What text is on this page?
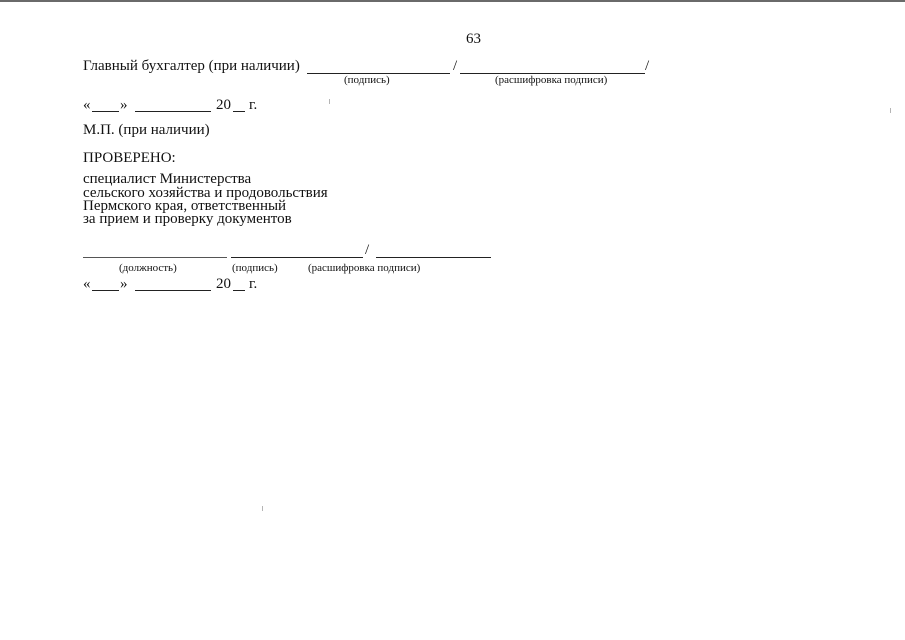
63
Главный бухгалтер (при наличии)	/	/
(подпись)	(расшифровка подписи)
« »	20 г.
М.П. (при наличии)
ПРОВЕРЕНО:
специалист Министерства
сельского хозяйства и продовольствия
Пермского края, ответственный
за прием и проверку документов
/
(должность)	(подпись)	(расшифровка подписи)
« »	20 г.
